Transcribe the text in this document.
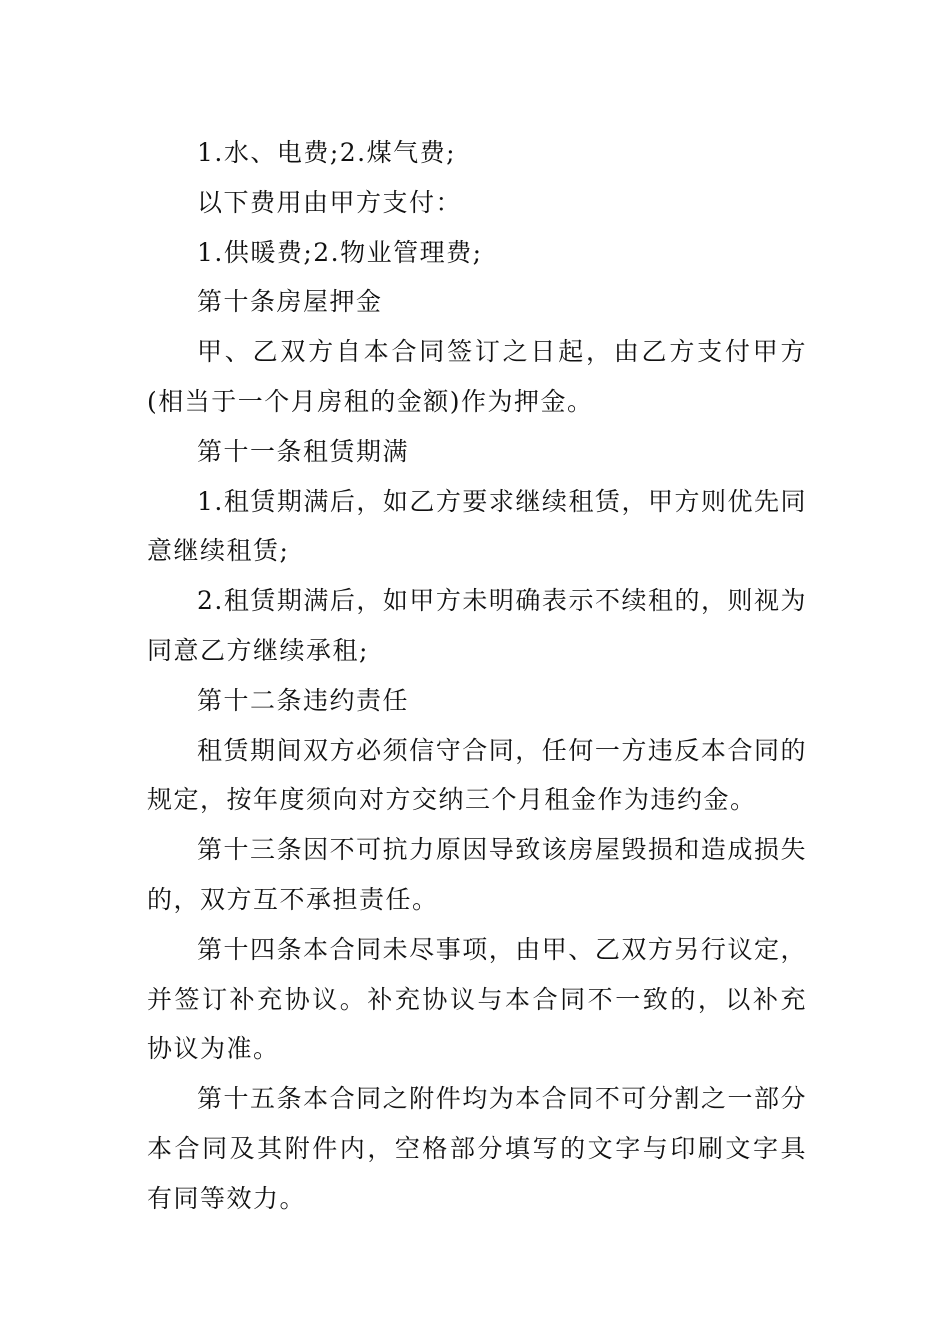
1.水、电费;2.煤气费;

以下费用由甲方支付：

1.供暖费;2.物业管理费;

第十条房屋押金

甲、乙双方自本合同签订之日起，由乙方支付甲方(相当于一个月房租的金额)作为押金。

第十一条租赁期满

1.租赁期满后，如乙方要求继续租赁，甲方则优先同意继续租赁;

2.租赁期满后，如甲方未明确表示不续租的，则视为同意乙方继续承租;

第十二条违约责任

租赁期间双方必须信守合同，任何一方违反本合同的规定，按年度须向对方交纳三个月租金作为违约金。

第十三条因不可抗力原因导致该房屋毁损和造成损失的，双方互不承担责任。

第十四条本合同未尽事项，由甲、乙双方另行议定，并签订补充协议。补充协议与本合同不一致的，以补充协议为准。

第十五条本合同之附件均为本合同不可分割之一部分本合同及其附件内，空格部分填写的文字与印刷文字具有同等效力。
